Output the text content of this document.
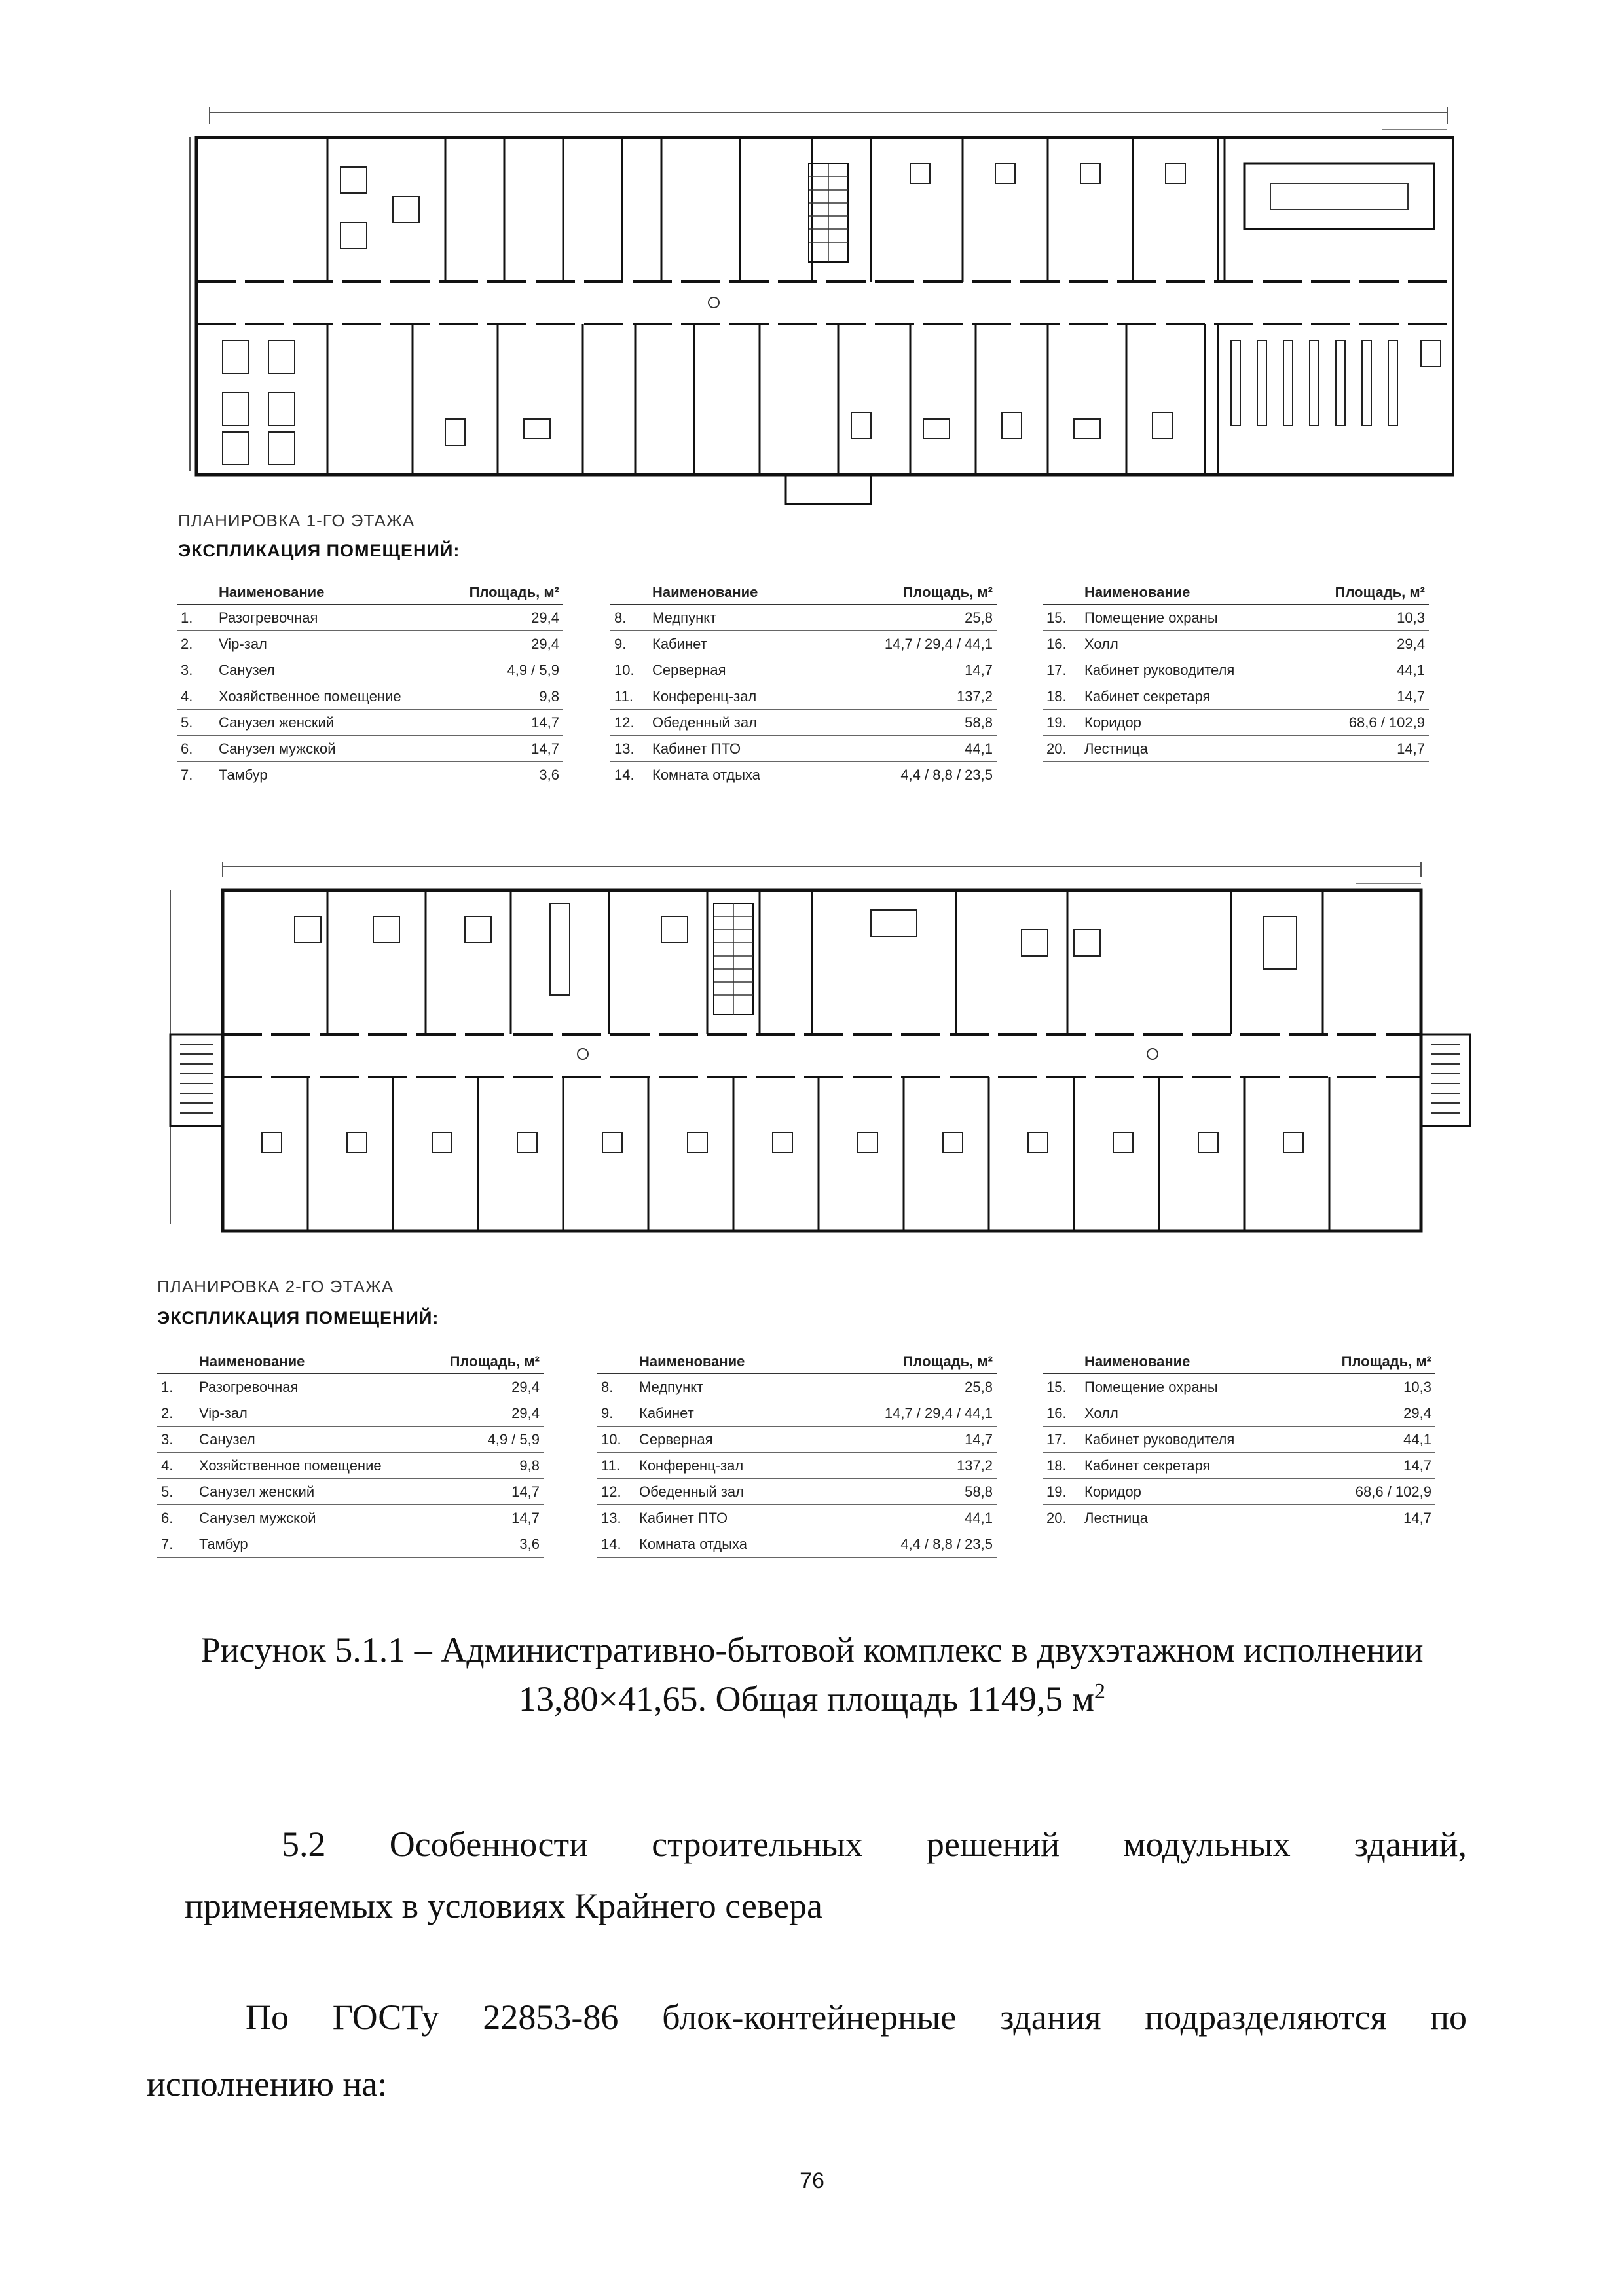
ПЛАНИРОВКА 1-ГО ЭТАЖА
ЭКСПЛИКАЦИЯ ПОМЕЩЕНИЙ:
Наименование	Площадь, м²
1.	Разогревочная	29,4
2.	Vip-зал	29,4
3.	Санузел	4,9 / 5,9
4.	Хозяйственное помещение	9,8
5.	Санузел женский	14,7
6.	Санузел мужской	14,7
7.	Тамбур	3,6
Наименование	Площадь, м²
8.	Медпункт	25,8
9.	Кабинет	14,7 / 29,4 / 44,1
10.	Серверная	14,7
11.	Конференц-зал	137,2
12.	Обеденный зал	58,8
13.	Кабинет ПТО	44,1
14.	Комната отдыха	4,4 / 8,8 / 23,5
Наименование	Площадь, м²
15.	Помещение охраны	10,3
16.	Холл	29,4
17.	Кабинет руководителя	44,1
18.	Кабинет секретаря	14,7
19.	Коридор	68,6 / 102,9
20.	Лестница	14,7
ПЛАНИРОВКА 2-ГО ЭТАЖА
ЭКСПЛИКАЦИЯ ПОМЕЩЕНИЙ:
Наименование	Площадь, м²
1.	Разогревочная	29,4
2.	Vip-зал	29,4
3.	Санузел	4,9 / 5,9
4.	Хозяйственное помещение	9,8
5.	Санузел женский	14,7
6.	Санузел мужской	14,7
7.	Тамбур	3,6
Наименование	Площадь, м²
8.	Медпункт	25,8
9.	Кабинет	14,7 / 29,4 / 44,1
10.	Серверная	14,7
11.	Конференц-зал	137,2
12.	Обеденный зал	58,8
13.	Кабинет ПТО	44,1
14.	Комната отдыха	4,4 / 8,8 / 23,5
Наименование	Площадь, м²
15.	Помещение охраны	10,3
16.	Холл	29,4
17.	Кабинет руководителя	44,1
18.	Кабинет секретаря	14,7
19.	Коридор	68,6 / 102,9
20.	Лестница	14,7
Рисунок 5.1.1 – Административно-бытовой комплекс в двухэтажном исполнении
13,80×41,65. Общая площадь 1149,5 $м^2$
5.2 Особенности строительных решений модульных зданий,
применяемых в условиях Крайнего севера
По ГОСТу 22853-86 блок-контейнерные здания подразделяются по
исполнению на:
76
